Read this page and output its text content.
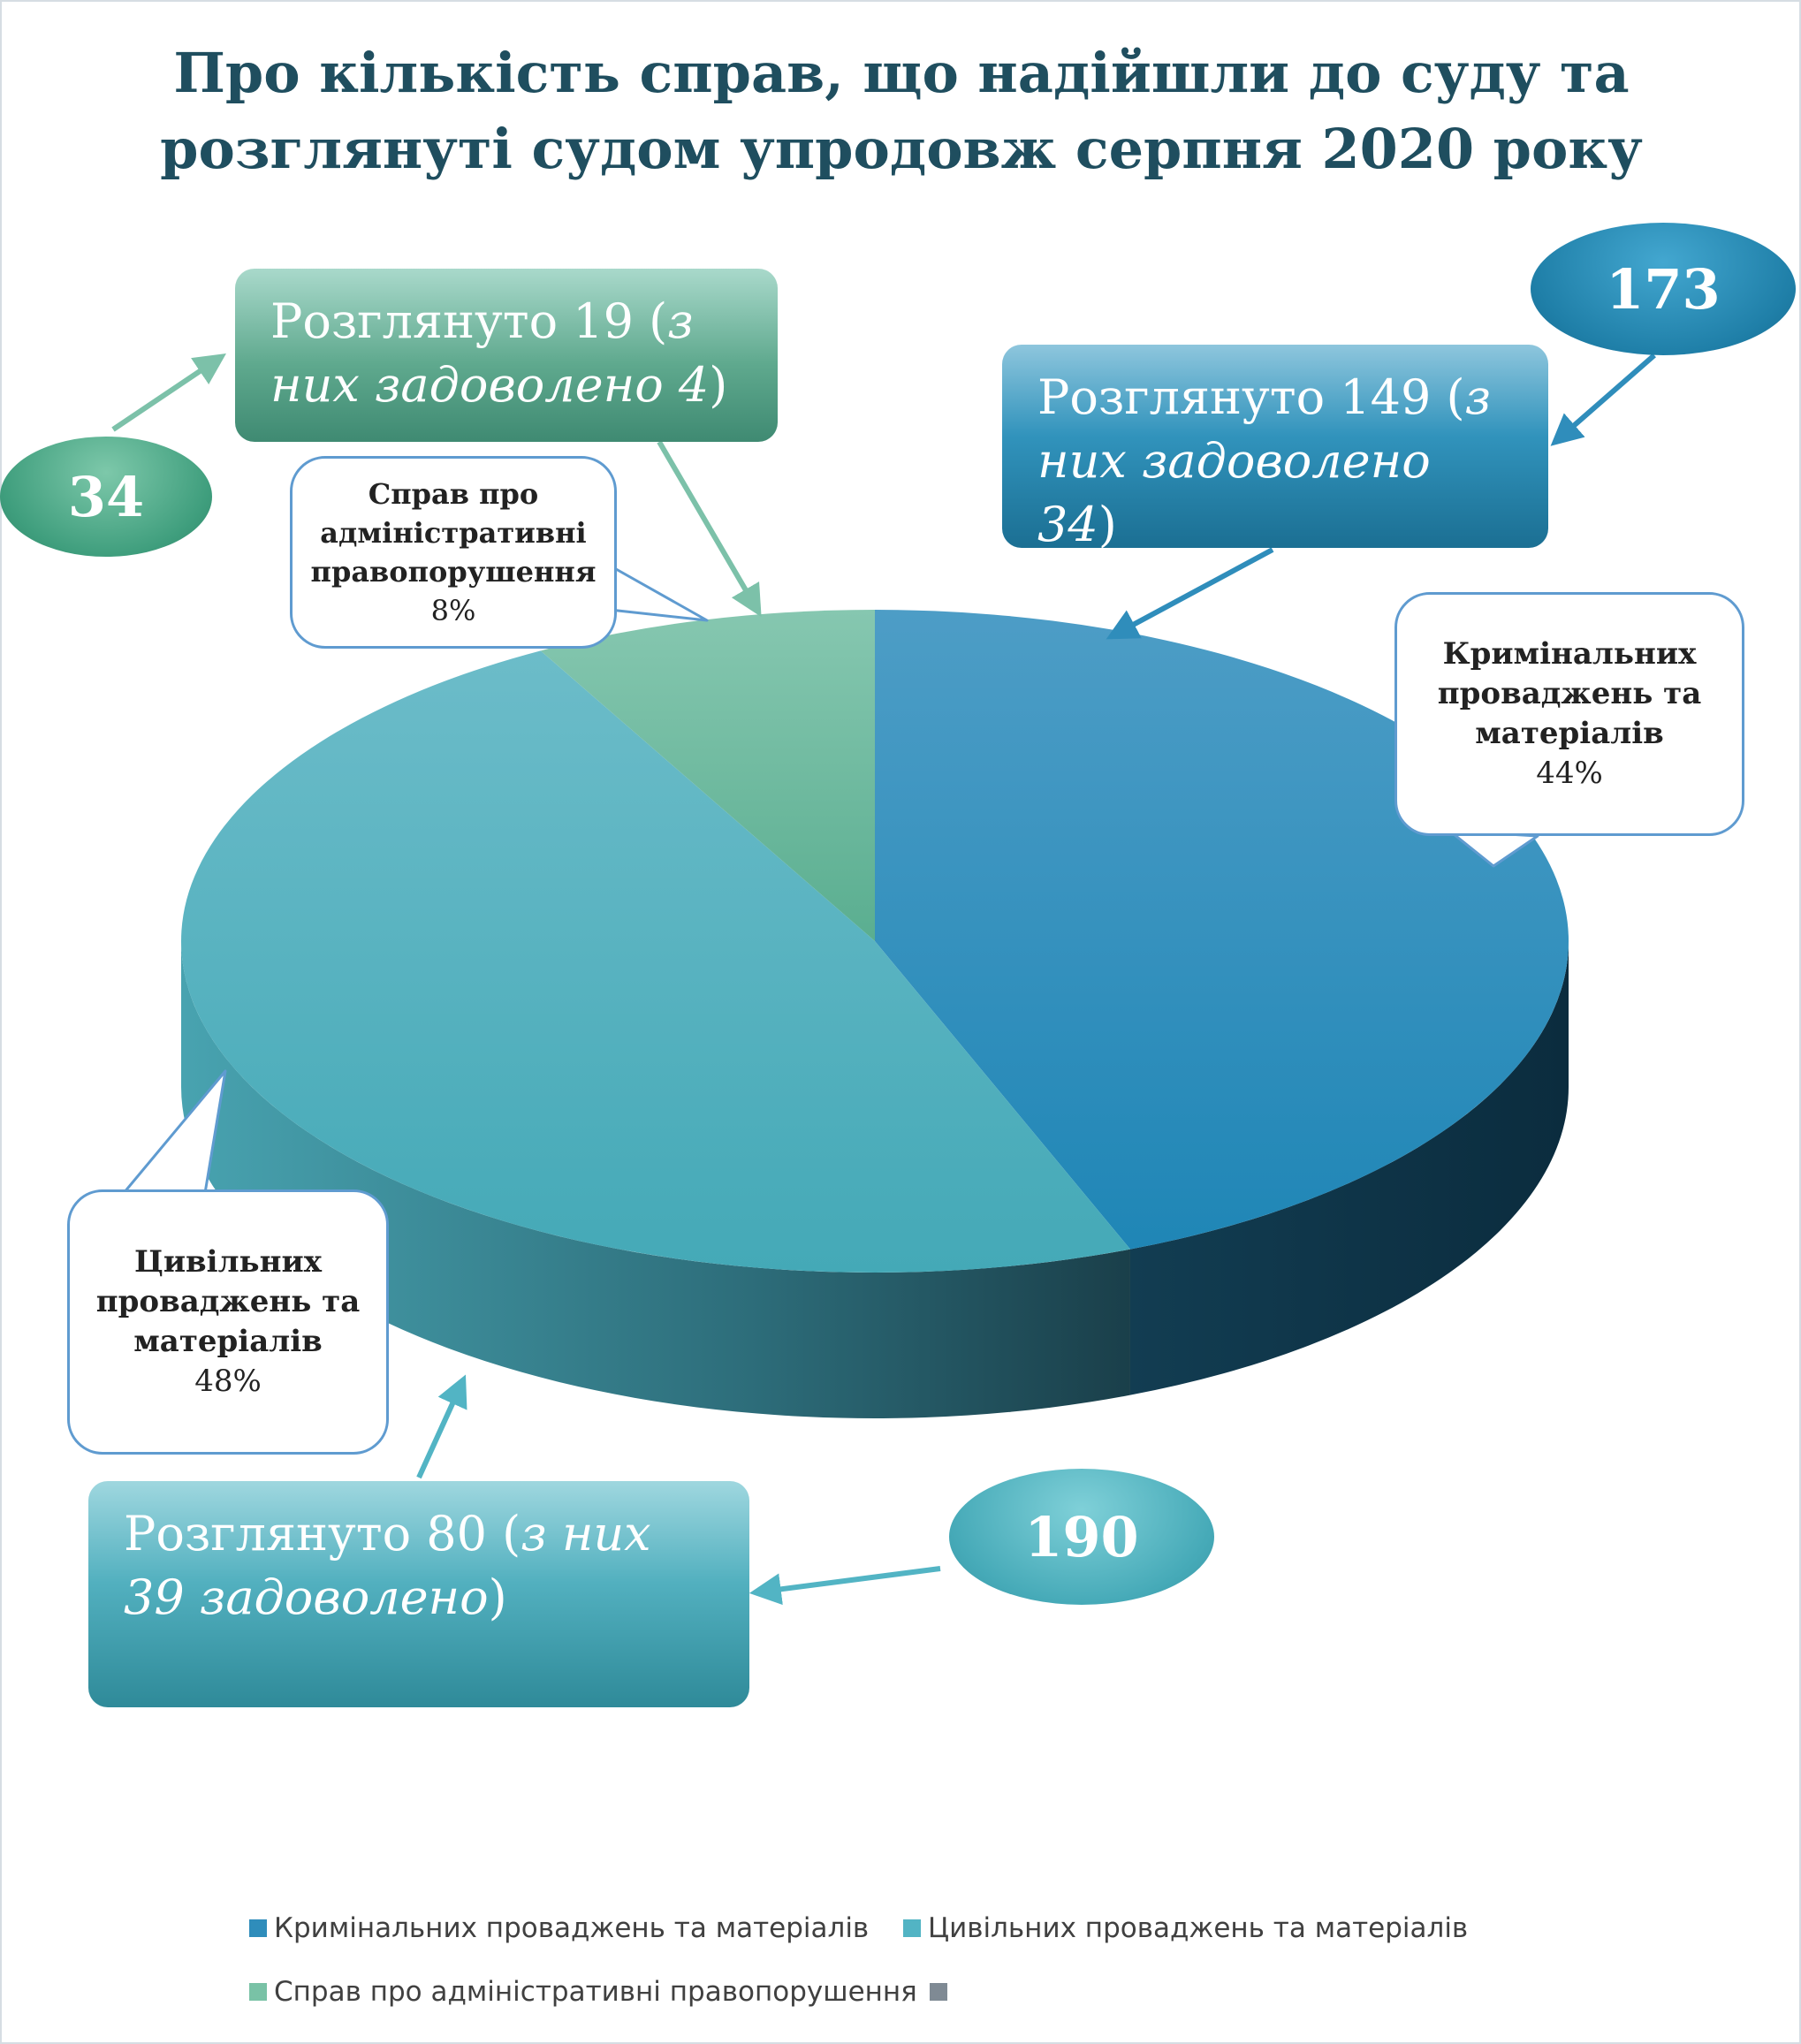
Про кількість справ, що надійшли до суду та розглянуті судом упродовж серпня 2020 року
Розглянуто 149 (з них задоволено 34)
Розглянуто 80 (з них 39 задоволено)
Розглянуто 19 (з них задоволено 4)
Кримінальних проваджень та матеріалів
44%
Цивільних проваджень та матеріалів
48%
Справ про адміністративні правопорушення
8%
173
190
34
Кримінальних проваджень та матеріалів Цивільних проваджень та матеріалів
Справ про адміністративні правопорушення
